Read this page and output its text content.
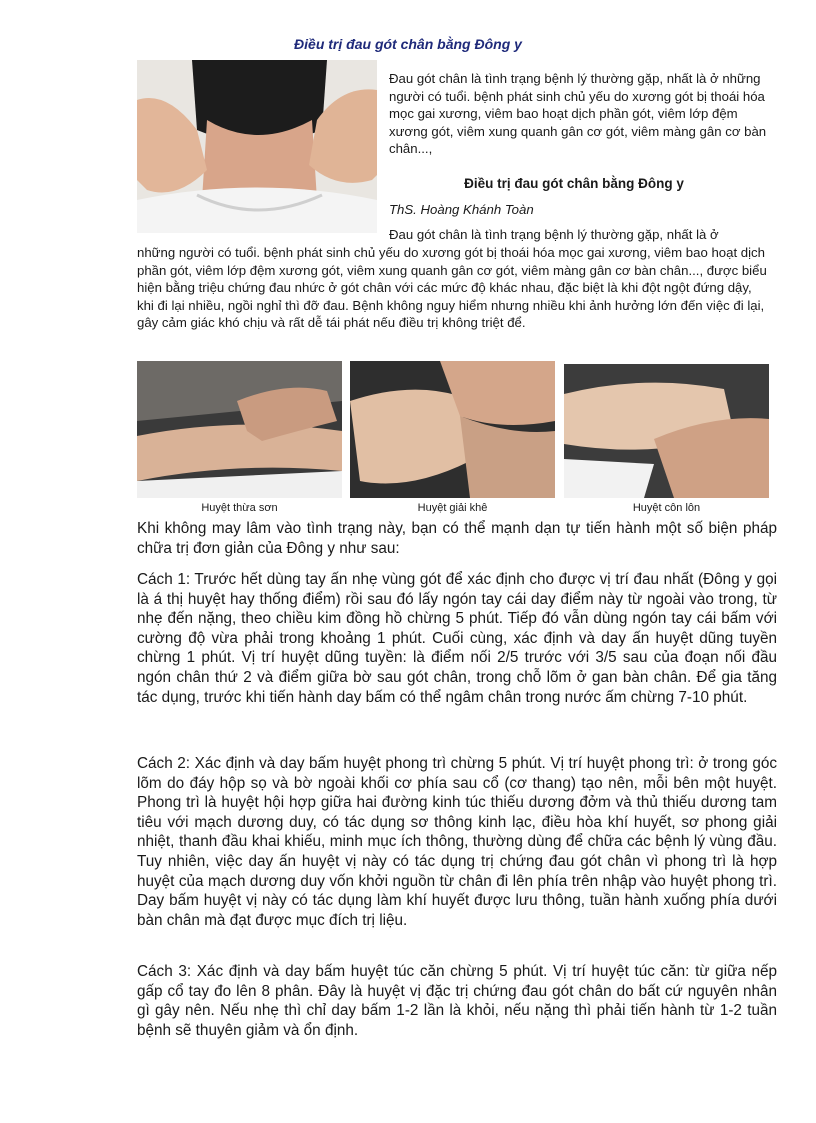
Điều trị đau gót chân bằng Đông y
Đau gót chân là tình trạng bệnh lý thường gặp, nhất là ở những người có tuổi. bệnh phát sinh chủ yếu do xương gót bị thoái hóa mọc gai xương, viêm bao hoạt dịch phần gót, viêm lớp đệm xương gót, viêm xung quanh gân cơ gót, viêm màng gân cơ bàn chân...,
Điều trị đau gót chân bằng Đông y
ThS. Hoàng Khánh Toàn
Đau gót chân là tình trạng bệnh lý thường gặp, nhất là ở
những người có tuổi. bệnh phát sinh chủ yếu do xương gót bị thoái hóa mọc gai xương, viêm bao hoạt dịch phần gót, viêm lớp đệm xương gót, viêm xung quanh gân cơ gót, viêm màng gân cơ bàn chân..., được biểu hiện bằng triệu chứng đau nhức ở gót chân với các mức độ khác nhau, đặc biệt là khi đột ngột đứng dậy, khi đi lại nhiều, ngồi nghỉ thì đỡ đau. Bệnh không nguy hiểm nhưng nhiều khi ảnh hưởng lớn đến việc đi lại, gây cảm giác khó chịu và rất dễ tái phát nếu điều trị không triệt để.
Huyệt thừa sơn	Huyệt giải khê	Huyệt côn lôn
Khi không may lâm vào tình trạng này, bạn có thể mạnh dạn tự tiến hành một số biện pháp chữa trị đơn giản của Đông y như sau:
Cách 1: Trước hết dùng tay ấn nhẹ vùng gót để xác định cho được vị trí đau nhất (Đông y gọi là á thị huyệt hay thống điểm) rồi sau đó lấy ngón tay cái day điểm này từ ngoài vào trong, từ nhẹ đến nặng, theo chiều kim đồng hồ chừng 5 phút. Tiếp đó vẫn dùng ngón tay cái bấm với cường độ vừa phải trong khoảng 1 phút. Cuối cùng, xác định và day ấn huyệt dũng tuyền chừng 1 phút. Vị trí huyệt dũng tuyền: là điểm nối 2/5 trước với 3/5 sau của đoạn nối đầu ngón chân thứ 2 và điểm giữa bờ sau gót chân, trong chỗ lõm ở gan bàn chân. Để gia tăng tác dụng, trước khi tiến hành day bấm có thể ngâm chân trong nước ấm chừng 7-10 phút.
Cách 2: Xác định và day bấm huyệt phong trì chừng 5 phút. Vị trí huyệt phong trì: ở trong góc lõm do đáy hộp sọ và bờ ngoài khối cơ phía sau cổ (cơ thang) tạo nên, mỗi bên một huyệt. Phong trì là huyệt hội hợp giữa hai đường kinh túc thiếu dương đởm và thủ thiếu dương tam tiêu với mạch dương duy, có tác dụng sơ thông kinh lạc, điều hòa khí huyết, sơ phong giải nhiệt, thanh đầu khai khiếu, minh mục ích thông, thường dùng để chữa các bệnh lý vùng đầu. Tuy nhiên, việc day ấn huyệt vị này có tác dụng trị chứng đau gót chân vì phong trì là hợp huyệt của mạch dương duy vốn khởi nguồn từ chân đi lên phía trên nhập vào huyệt phong trì. Day bấm huyệt vị này có tác dụng làm khí huyết được lưu thông, tuần hành xuống phía dưới bàn chân mà đạt được mục đích trị liệu.
Cách 3: Xác định và day bấm huyệt túc căn chừng 5 phút. Vị trí huyệt túc căn: từ giữa nếp gấp cổ tay đo lên 8 phân. Đây là huyệt vị đặc trị chứng đau gót chân do bất cứ nguyên nhân gì gây nên. Nếu nhẹ thì chỉ day bấm 1-2 lần là khỏi, nếu nặng thì phải tiến hành từ 1-2 tuần bệnh sẽ thuyên giảm và ổn định.
